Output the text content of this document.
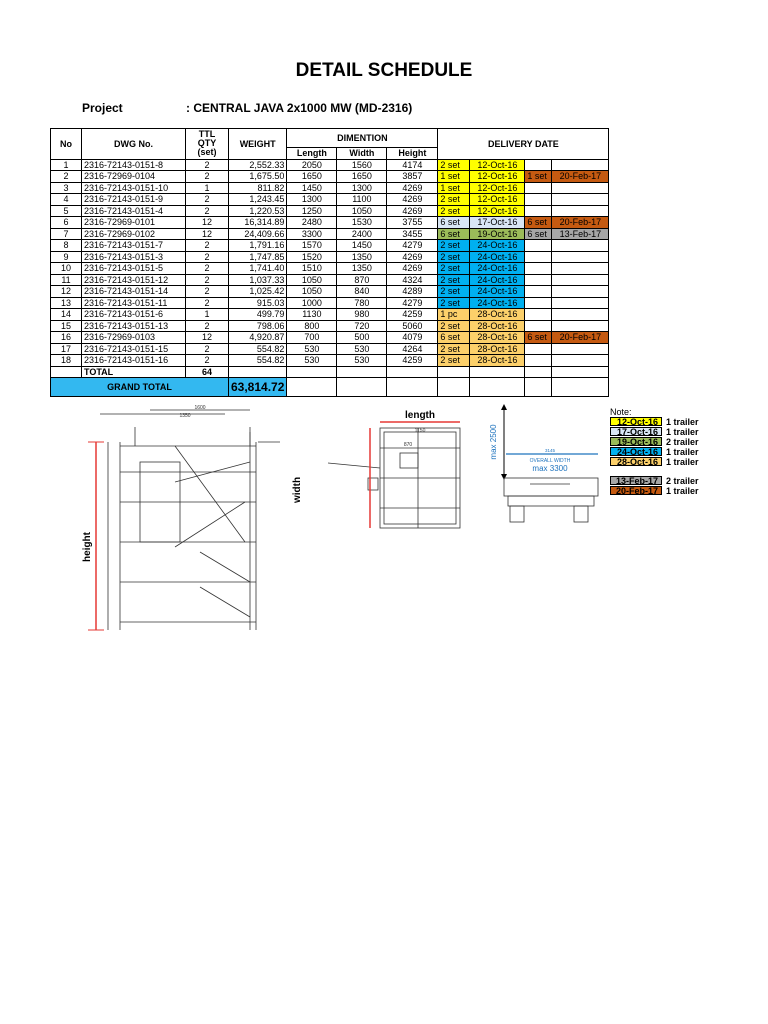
DETAIL SCHEDULE
Project	: CENTRAL JAVA 2x1000 MW (MD-2316)
No	DWG No.	TTL
QTY
(set)	WEIGHT	DIMENTION			DELIVERY DATE			
				Length	Width	Height				
1	2316-72143-0151-8	2	2,552.33	2050	1560	4174	2 set	12-Oct-16		
2	2316-72969-0104	2	1,675.50	1650	1650	3857	1 set	12-Oct-16	1 set	20-Feb-17
3	2316-72143-0151-10	1	811.82	1450	1300	4269	1 set	12-Oct-16		
4	2316-72143-0151-9	2	1,243.45	1300	1100	4269	2 set	12-Oct-16		
5	2316-72143-0151-4	2	1,220.53	1250	1050	4269	2 set	12-Oct-16		
6	2316-72969-0101	12	16,314.89	2480	1530	3755	6 set	17-Oct-16	6 set	20-Feb-17
7	2316-72969-0102	12	24,409.66	3300	2400	3455	6 set	19-Oct-16	6 set	13-Feb-17
8	2316-72143-0151-7	2	1,791.16	1570	1450	4279	2 set	24-Oct-16		
9	2316-72143-0151-3	2	1,747.85	1520	1350	4269	2 set	24-Oct-16		
10	2316-72143-0151-5	2	1,741.40	1510	1350	4269	2 set	24-Oct-16		
11	2316-72143-0151-12	2	1,037.33	1050	870	4324	2 set	24-Oct-16		
12	2316-72143-0151-14	2	1,025.42	1050	840	4289	2 set	24-Oct-16		
13	2316-72143-0151-11	2	915.03	1000	780	4279	2 set	24-Oct-16		
14	2316-72143-0151-6	1	499.79	1130	980	4259	1 pc	28-Oct-16		
15	2316-72143-0151-13	2	798.06	800	720	5060	2 set	28-Oct-16		
16	2316-72969-0103	12	4,920.87	700	500	4079	6 set	28-Oct-16	6 set	20-Feb-17
17	2316-72143-0151-15	2	554.82	530	530	4264	2 set	28-Oct-16		
18	2316-72143-0151-16	2	554.82	530	530	4259	2 set	28-Oct-16		
	TOTAL	64								
GRAND TOTAL			63,814.72							
1600
1350
height
1150
870
length
width
max 2500	3145
OVERALL WIDTH
max 3300
Note:
12-Oct-16 1 trailer
17-Oct-16 1 trailer
19-Oct-16 2 trailer
24-Oct-16 1 trailer
28-Oct-16 1 trailer
13-Feb-17 2 trailer
20-Feb-17 1 trailer
